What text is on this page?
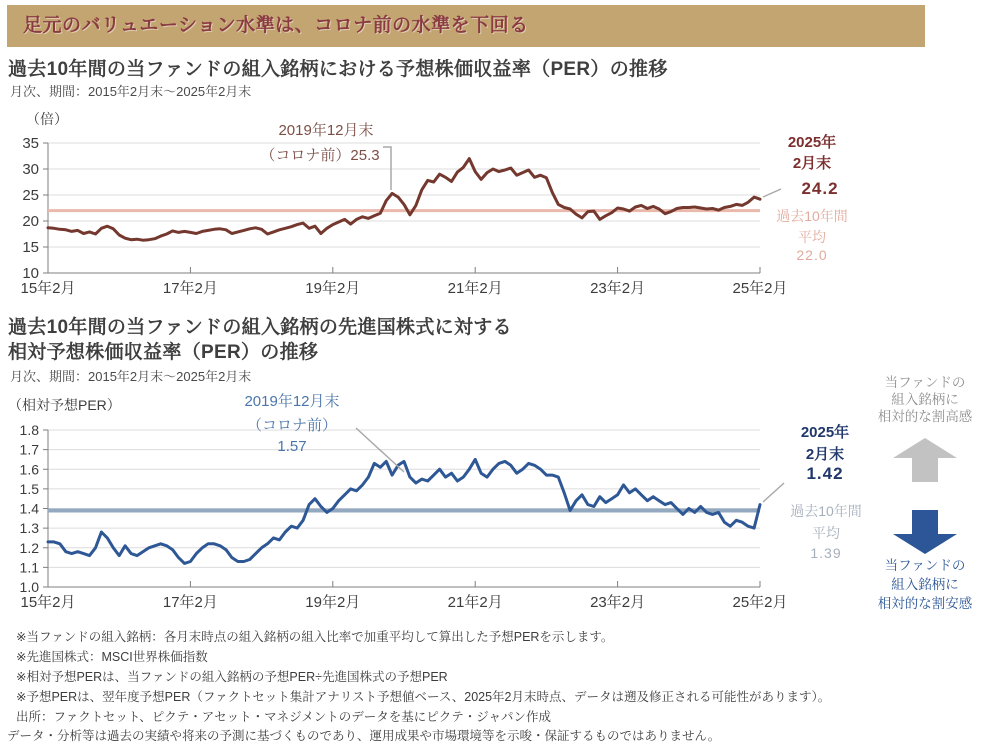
足元のバリュエーション水準は、コロナ前の水準を下回る
過去10年間の当ファンドの組入銘柄における予想株価収益率（PER）の推移
月次、期間：2015年2月末～2025年2月末
（倍）
35
30
25
20
15
10
15年2月	17年2月	19年2月	21年2月	23年2月	25年2月
2019年12月末
（コロナ前）25.3
2025年
2月末
24.2
過去10年間
平均
22.0
過去10年間の当ファンドの組入銘柄の先進国株式に対する
相対予想株価収益率（PER）の推移
月次、期間：2015年2月末～2025年2月末
（相対予想PER）
1.8
1.7
1.6
1.5
1.4
1.3
1.2
1.1
1.0
15年2月	17年2月	19年2月	21年2月	23年2月	25年2月
2019年12月末
（コロナ前）
1.57
2025年
2月末
1.42
過去10年間
平均
1.39
当ファンドの
組入銘柄に
相対的な割高感
当ファンドの
組入銘柄に
相対的な割安感
※当ファンドの組入銘柄：各月末時点の組入銘柄の組入比率で加重平均して算出した予想PERを示します。
※先進国株式：MSCI世界株価指数
※相対予想PERは、当ファンドの組入銘柄の予想PER÷先進国株式の予想PER
※予想PERは、翌年度予想PER（ファクトセット集計アナリスト予想値ベース、2025年2月末時点、データは遡及修正される可能性があります）。
出所：ファクトセット、ピクテ・アセット・マネジメントのデータを基にピクテ・ジャパン作成
データ・分析等は過去の実績や将来の予測に基づくものであり、運用成果や市場環境等を示唆・保証するものではありません。
